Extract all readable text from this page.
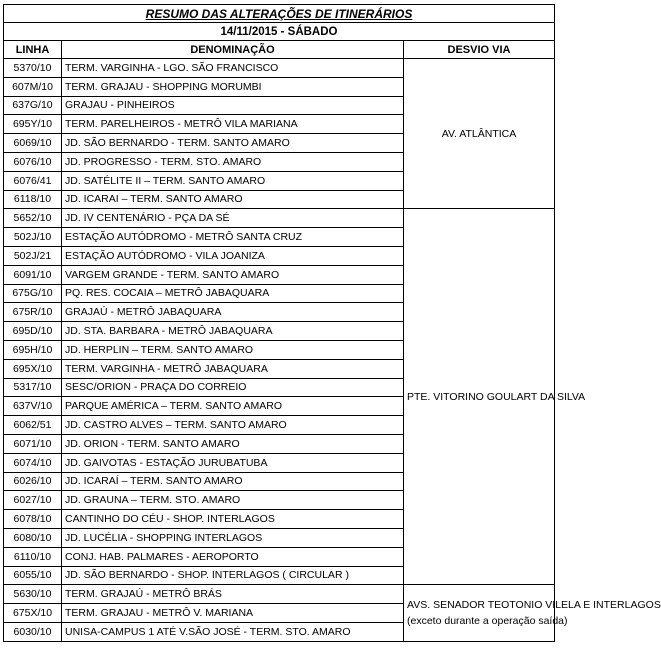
RESUMO DAS ALTERAÇÕES DE ITINERÁRIOS		
14/11/2015 - SÁBADO		
LINHA	DENOMINAÇÃO	DESVIO VIA
5370/10	TERM. VARGINHA - LGO. SÃO FRANCISCO	AV. ATLÂNTICA

607M/10	TERM. GRAJAU - SHOPPING MORUMBI	
637G/10	GRAJAU - PINHEIROS	
695Y/10	TERM. PARELHEIROS - METRÔ VILA MARIANA	
6069/10	JD. SÃO BERNARDO - TERM. SANTO AMARO	
6076/10	JD. PROGRESSO - TERM. STO. AMARO	
6076/41	JD. SATÉLITE II – TERM. SANTO AMARO	
6118/10	JD. ICARAI – TERM. SANTO AMARO	
5652/10	JD. IV CENTENÁRIO - PÇA DA SÉ	PTE. VITORINO GOULART DA SILVA

502J/10	ESTAÇÃO AUTÓDROMO - METRÔ SANTA CRUZ	
502J/21	ESTAÇÃO AUTÓDROMO - VILA JOANIZA	
6091/10	VARGEM GRANDE - TERM. SANTO AMARO	
675G/10	PQ. RES. COCAIA – METRÔ JABAQUARA	
675R/10	GRAJAÚ - METRÔ JABAQUARA	
695D/10	JD. STA. BARBARA - METRÔ JABAQUARA	
695H/10	JD. HERPLIN – TERM. SANTO AMARO	
695X/10	TERM. VARGINHA - METRÔ JABAQUARA	
5317/10	SESC/ORION - PRAÇA DO CORREIO	
637V/10	PARQUE AMÉRICA – TERM. SANTO AMARO	
6062/51	JD. CASTRO ALVES – TERM. SANTO AMARO	
6071/10	JD. ORION - TERM. SANTO AMARO	
6074/10	JD. GAIVOTAS - ESTAÇÃO JURUBATUBA	
6026/10	JD. ICARAÍ – TERM. SANTO AMARO	
6027/10	JD. GRAUNA – TERM. STO. AMARO	
6078/10	CANTINHO DO CÉU - SHOP. INTERLAGOS	
6080/10	JD. LUCÉLIA - SHOPPING INTERLAGOS	
6110/10	CONJ. HAB. PALMARES - AEROPORTO	
6055/10	JD. SÃO BERNARDO - SHOP. INTERLAGOS ( CIRCULAR )	
5630/10	TERM. GRAJAÚ - METRÔ BRÁS	AVS. SENADOR TEOTONIO VILELA E INTERLAGOS
(exceto durante a operação saída)

675X/10	TERM. GRAJAU - METRÔ V. MARIANA	
6030/10	UNISA-CAMPUS 1 ATÉ V.SÃO JOSÉ - TERM. STO. AMARO	
